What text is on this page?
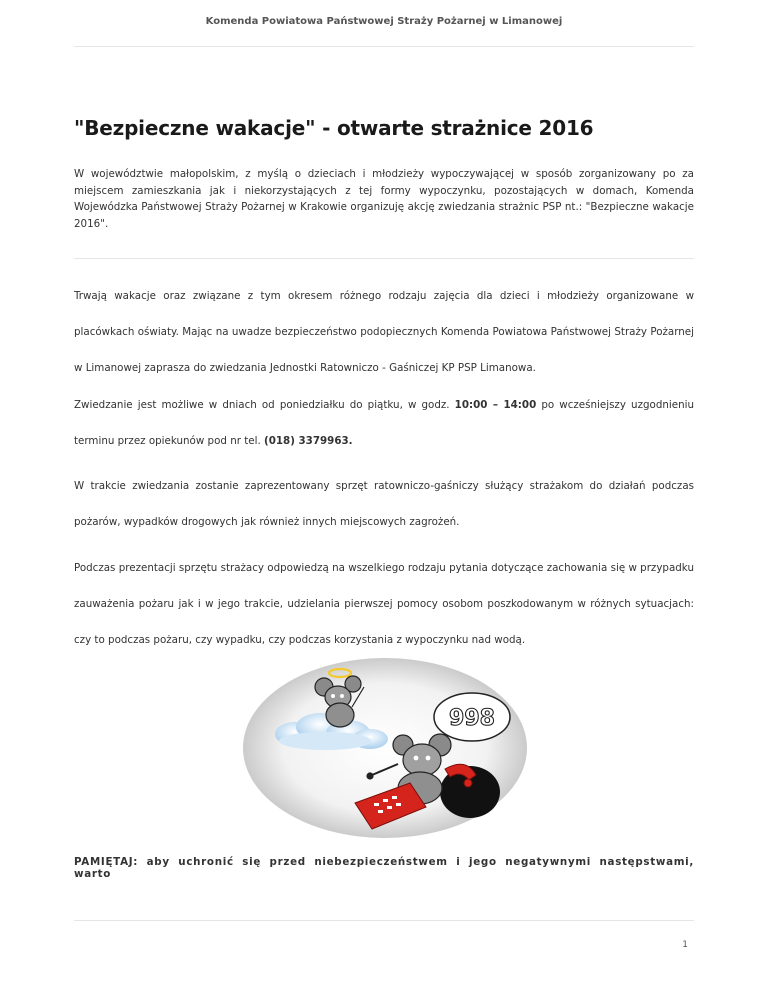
Komenda Powiatowa Państwowej Straży Pożarnej w Limanowej
"Bezpieczne wakacje" - otwarte strażnice 2016

W województwie małopolskim, z myślą o dzieciach i młodzieży wypoczywającej w sposób zorganizowany po za miejscem zamieszkania jak i niekorzystających z tej formy wypoczynku, pozostających w domach, Komenda Wojewódzka Państwowej Straży Pożarnej w Krakowie organizuję akcję zwiedzania strażnic PSP nt.: "Bezpieczne wakacje 2016".

Trwają wakacje oraz związane z tym okresem różnego rodzaju zajęcia dla dzieci i młodzieży organizowane w placówkach oświaty. Mając na uwadze bezpieczeństwo podopiecznych Komenda Powiatowa Państwowej Straży Pożarnej w Limanowej zaprasza do zwiedzania Jednostki Ratowniczo - Gaśniczej KP PSP Limanowa.

Zwiedzanie jest możliwe w dniach od poniedziałku do piątku, w godz. 10:00 – 14:00 po wcześniejszy uzgodnieniu terminu przez opiekunów pod nr tel. (018) 3379963.

W trakcie zwiedzania zostanie zaprezentowany sprzęt ratowniczo-gaśniczy służący strażakom do działań podczas pożarów, wypadków drogowych jak również innych miejscowych zagrożeń.

Podczas prezentacji sprzętu strażacy odpowiedzą na wszelkiego rodzaju pytania dotyczące zachowania się w przypadku zauważenia pożaru jak i w jego trakcie, udzielania pierwszej pomocy osobom poszkodowanym w różnych sytuacjach: czy to podczas pożaru, czy wypadku, czy podczas korzystania z wypoczynku nad wodą.

998

PAMIĘTAJ: aby uchronić się przed niebezpieczeństwem i jego negatywnymi następstwami, warto

1
